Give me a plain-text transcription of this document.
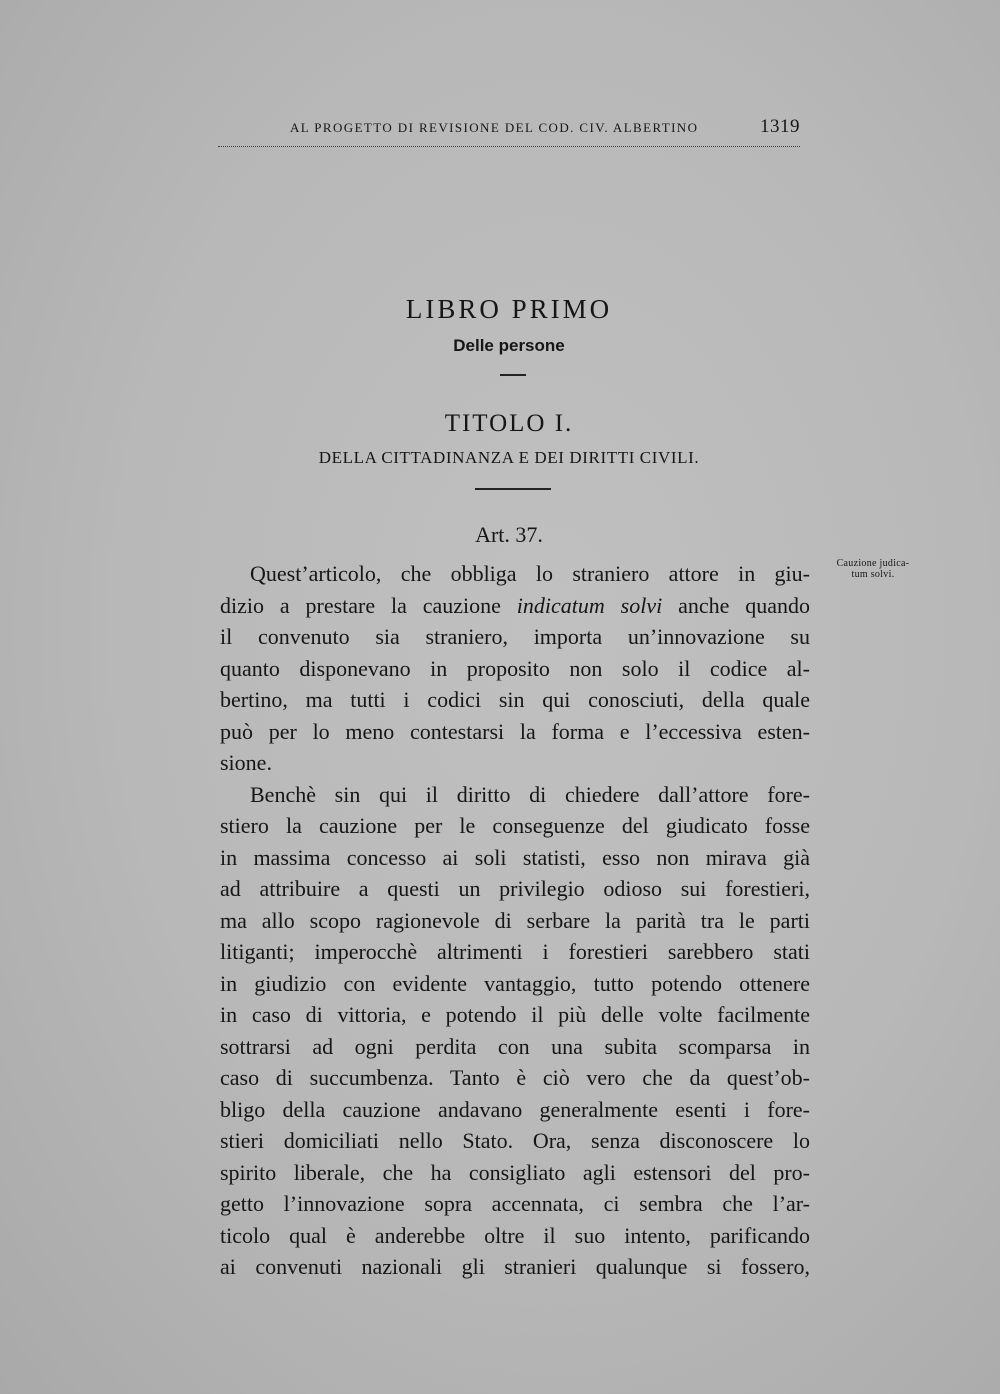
AL PROGETTO DI REVISIONE DEL COD. CIV. ALBERTINO	1319
LIBRO PRIMO
Delle persone
TITOLO I.
DELLA CITTADINANZA E DEI DIRITTI CIVILI.
Art. 37.
Cauzione judica-
tum solvi.
Quest’articolo, che obbliga lo straniero attore in giu-
dizio a prestare la cauzione indicatum solvi anche quando
il convenuto sia straniero, importa un’innovazione su
quanto disponevano in proposito non solo il codice al-
bertino, ma tutti i codici sin qui conosciuti, della quale
può per lo meno contestarsi la forma e l’eccessiva esten-
sione.
Benchè sin qui il diritto di chiedere dall’attore fore-
stiero la cauzione per le conseguenze del giudicato fosse
in massima concesso ai soli statisti, esso non mirava già
ad attribuire a questi un privilegio odioso sui forestieri,
ma allo scopo ragionevole di serbare la parità tra le parti
litiganti; imperocchè altrimenti i forestieri sarebbero stati
in giudizio con evidente vantaggio, tutto potendo ottenere
in caso di vittoria, e potendo il più delle volte facilmente
sottrarsi ad ogni perdita con una subita scomparsa in
caso di succumbenza. Tanto è ciò vero che da quest’ob-
bligo della cauzione andavano generalmente esenti i fore-
stieri domiciliati nello Stato. Ora, senza disconoscere lo
spirito liberale, che ha consigliato agli estensori del pro-
getto l’innovazione sopra accennata, ci sembra che l’ar-
ticolo qual è anderebbe oltre il suo intento, parificando
ai convenuti nazionali gli stranieri qualunque si fossero,
